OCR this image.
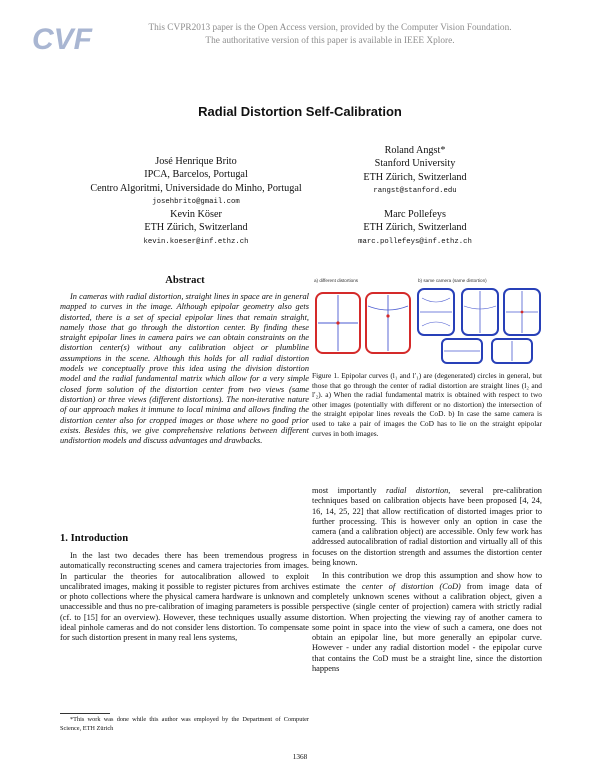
CVF	This CVPR2013 paper is the Open Access version, provided by the Computer Vision Foundation.
The authoritative version of this paper is available in IEEE Xplore.
Radial Distortion Self-Calibration
José Henrique Brito
IPCA, Barcelos, Portugal
Centro Algoritmi, Universidade do Minho, Portugal
josehbrito@gmail.com
Kevin Köser
ETH Zürich, Switzerland
kevin.koeser@inf.ethz.ch
Roland Angst*
Stanford University
ETH Zürich, Switzerland
rangst@stanford.edu
Marc Pollefeys
ETH Zürich, Switzerland
marc.pollefeys@inf.ethz.ch
Abstract
In cameras with radial distortion, straight lines in space are in general mapped to curves in the image. Although epipolar geometry also gets distorted, there is a set of special epipolar lines that remain straight, namely those that go through the distortion center. By finding these straight epipolar lines in camera pairs we can obtain constraints on the distortion center(s) without any calibration object or plumbline assumptions in the scene. Although this holds for all radial distortion models we conceptually prove this idea using the division distortion model and the radial fundamental matrix which allow for a very simple closed form solution of the distortion center from two views (same distortion) or three views (different distortions). The non-iterative nature of our approach makes it immune to local minima and allows finding the distortion center also for cropped images or those where no good prior exists. Besides this, we give comprehensive relations between different undistortion models and discuss advantages and drawbacks.
1. Introduction
In the last two decades there has been tremendous progress in automatically reconstructing scenes and camera trajectories from images. In particular the theories for autocalibration allowed to exploit uncalibrated images, making it possible to register pictures from archives or photo collections where the physical camera hardware is unknown and unaccessible and thus no pre-calibration of imaging parameters is possible (cf. to [15] for an overview). However, these techniques usually assume ideal pinhole cameras and do not consider lens distortion. To compensate for such distortion present in many real lens systems,
*This work was done while this author was employed by the Department of Computer Science, ETH Zürich
a) different distortions	b) same camera (same distortion)
Figure 1. Epipolar curves (l₁ and l′₁) are (degenerated) circles in general, but those that go through the center of radial distortion are straight lines (l₂ and l′₂). a) When the radial fundamental matrix is obtained with respect to two other images (potentially with different or no distortion) the intersection of the straight epipolar lines reveals the CoD. b) In case the same camera is used to take a pair of images the CoD has to lie on the straight epipolar curves in both images.

most importantly radial distortion, several pre-calibration techniques based on calibration objects have been proposed [4, 24, 16, 14, 25, 22] that allow rectification of distorted images prior to further processing. This is however only an option in case the camera (and a calibration object) are accessible. Only few work has addressed autocalibration of radial distortion and virtually all of this focuses on the distortion strength and assumes the distortion center being known.

In this contribution we drop this assumption and show how to estimate the center of distortion (CoD) from image data of completely unknown scenes without a calibration object, given a perspective (single center of projection) camera with strictly radial distortion. When projecting the viewing ray of another camera to some point in space into the view of such a camera, one does not obtain an epipolar line, but more generally an epipolar curve. However - under any radial distortion model - the epipolar curve that contains the CoD must be a straight line, since the distortion happens

1368
